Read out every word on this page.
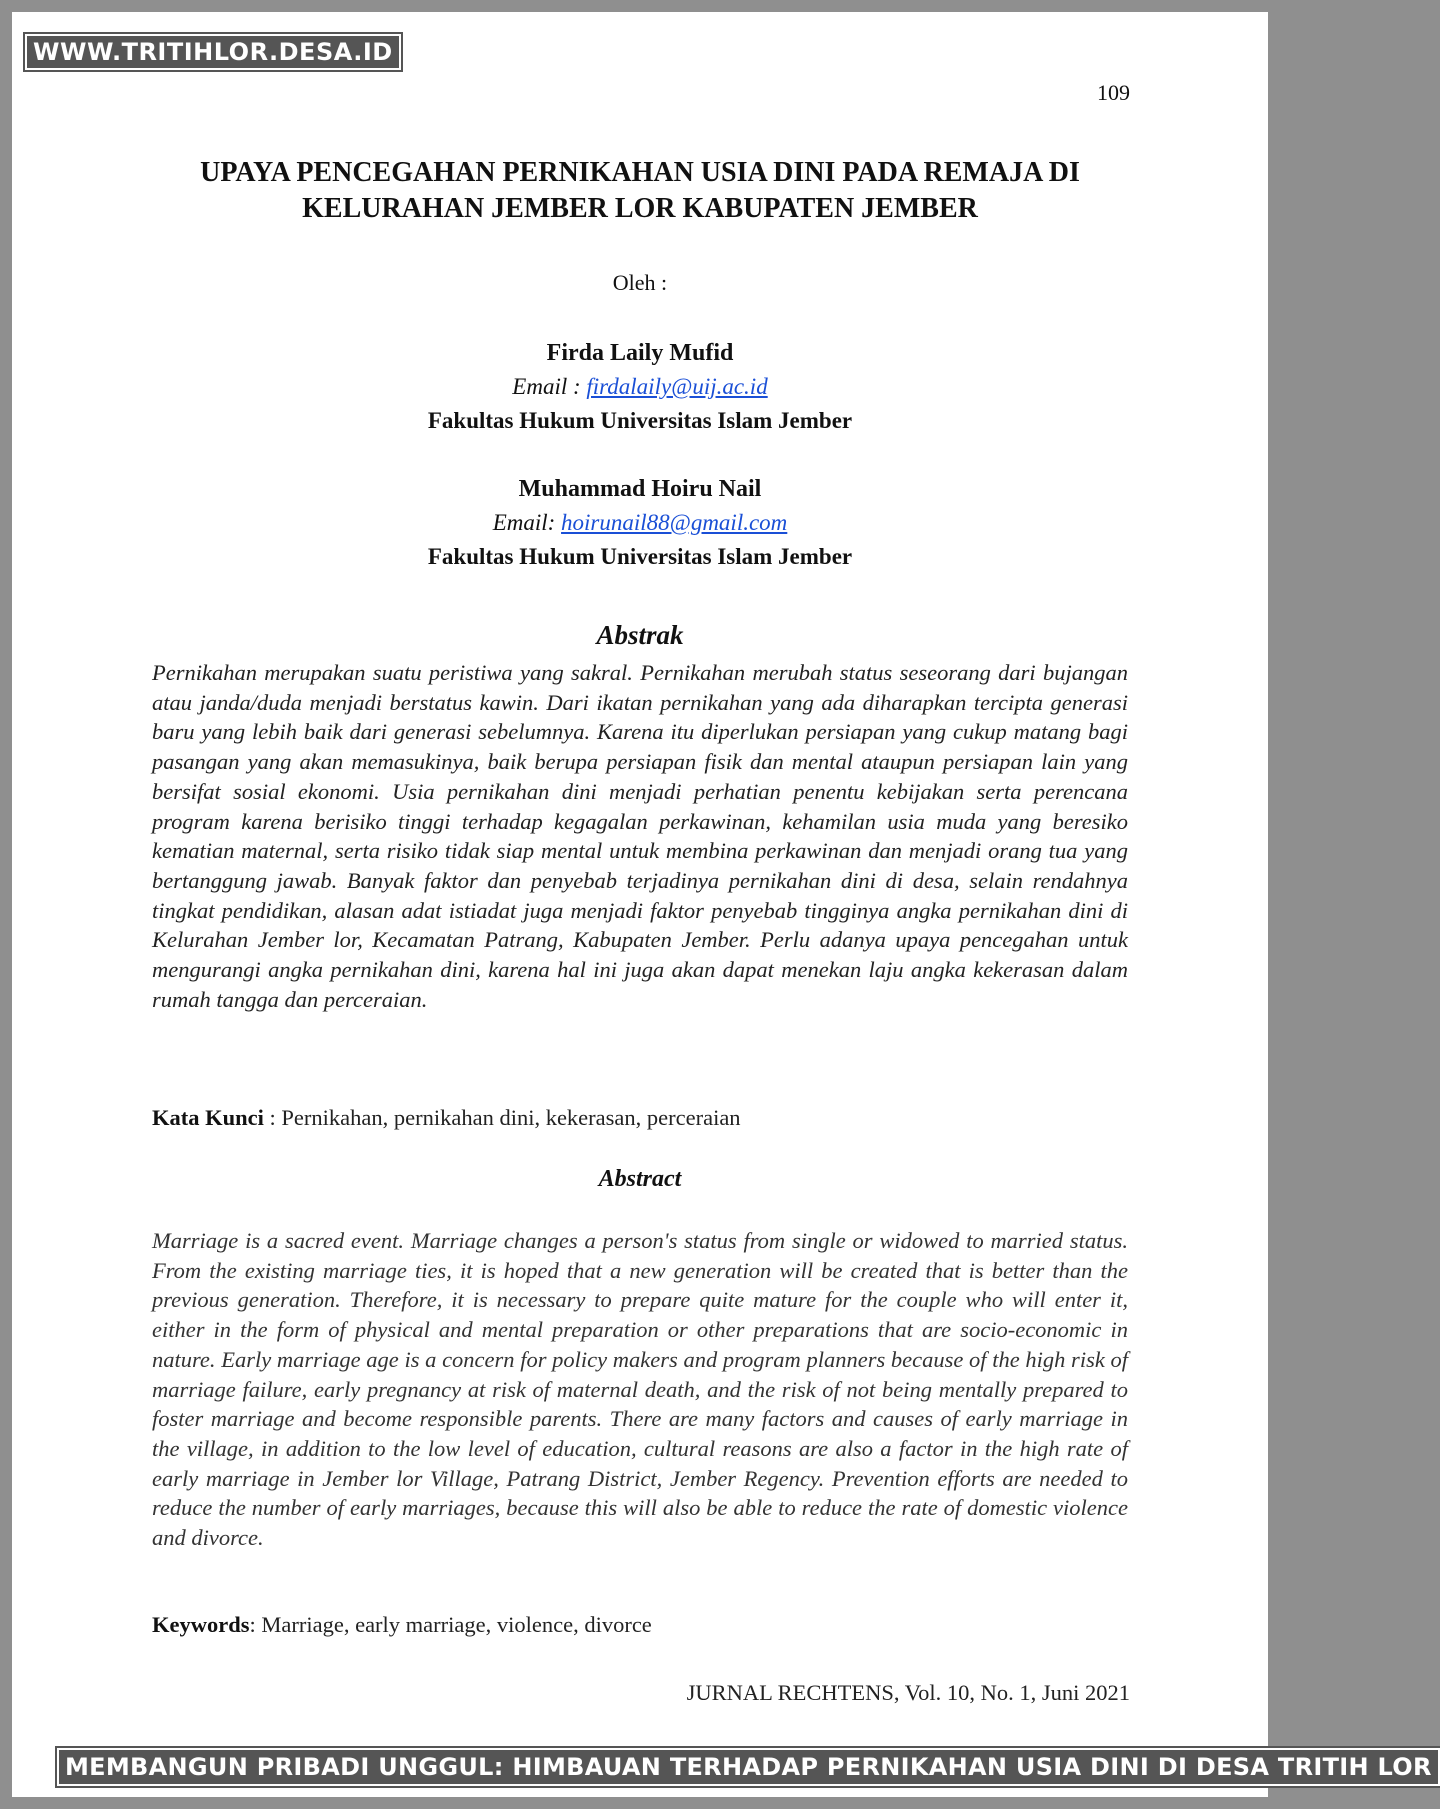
WWW.TRITIHLOR.DESA.ID
109
UPAYA PENCEGAHAN PERNIKAHAN USIA DINI PADA REMAJA DI
KELURAHAN JEMBER LOR KABUPATEN JEMBER
Oleh :
Firda Laily Mufid
Email : firdalaily@uij.ac.id
Fakultas Hukum Universitas Islam Jember
Muhammad Hoiru Nail
Email: hoirunail88@gmail.com
Fakultas Hukum Universitas Islam Jember
Abstrak
Pernikahan merupakan suatu peristiwa yang sakral. Pernikahan merubah status seseorang dari bujangan atau janda/duda menjadi berstatus kawin. Dari ikatan pernikahan yang ada diharapkan tercipta generasi baru yang lebih baik dari generasi sebelumnya. Karena itu diperlukan persiapan yang cukup matang bagi pasangan yang akan memasukinya, baik berupa persiapan fisik dan mental ataupun persiapan lain yang bersifat sosial ekonomi. Usia pernikahan dini menjadi perhatian penentu kebijakan serta perencana program karena berisiko tinggi terhadap kegagalan perkawinan, kehamilan usia muda yang beresiko kematian maternal, serta risiko tidak siap mental untuk membina perkawinan dan menjadi orang tua yang bertanggung jawab. Banyak faktor dan penyebab terjadinya pernikahan dini di desa, selain rendahnya tingkat pendidikan, alasan adat istiadat juga menjadi faktor penyebab tingginya angka pernikahan dini di Kelurahan Jember lor, Kecamatan Patrang, Kabupaten Jember. Perlu adanya upaya pencegahan untuk mengurangi angka pernikahan dini, karena hal ini juga akan dapat menekan laju angka kekerasan dalam rumah tangga dan perceraian.
Kata Kunci : Pernikahan, pernikahan dini, kekerasan, perceraian
Abstract
Marriage is a sacred event. Marriage changes a person's status from single or widowed to married status. From the existing marriage ties, it is hoped that a new generation will be created that is better than the previous generation. Therefore, it is necessary to prepare quite mature for the couple who will enter it, either in the form of physical and mental preparation or other preparations that are socio-economic in nature. Early marriage age is a concern for policy makers and program planners because of the high risk of marriage failure, early pregnancy at risk of maternal death, and the risk of not being mentally prepared to foster marriage and become responsible parents. There are many factors and causes of early marriage in the village, in addition to the low level of education, cultural reasons are also a factor in the high rate of early marriage in Jember lor Village, Patrang District, Jember Regency. Prevention efforts are needed to reduce the number of early marriages, because this will also be able to reduce the rate of domestic violence and divorce.
Keywords: Marriage, early marriage, violence, divorce
JURNAL RECHTENS, Vol. 10, No. 1, Juni 2021
MEMBANGUN PRIBADI UNGGUL: HIMBAUAN TERHADAP PERNIKAHAN USIA DINI DI DESA TRITIH LOR
